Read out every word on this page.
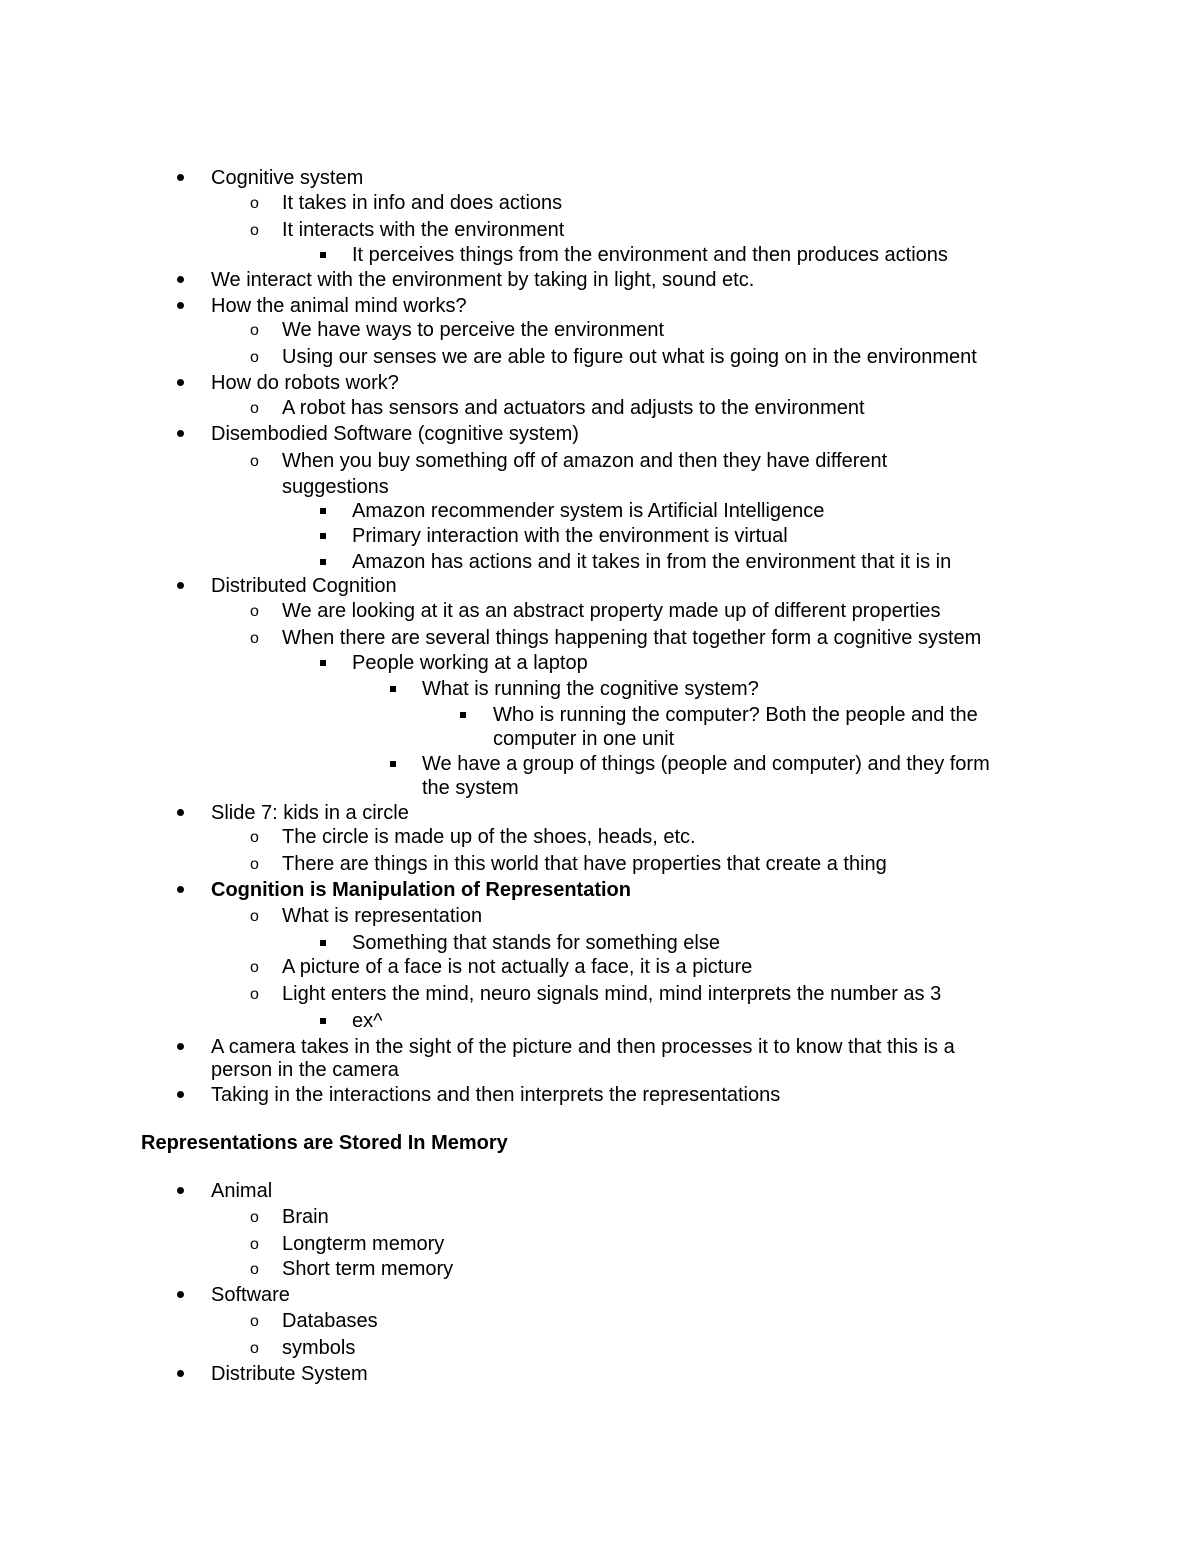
Cognitive system
o It takes in info and does actions
o It interacts with the environment
It perceives things from the environment and then produces actions
We interact with the environment by taking in light, sound etc.
How the animal mind works?
o We have ways to perceive the environment
o Using our senses we are able to figure out what is going on in the environment
How do robots work?
o A robot has sensors and actuators and adjusts to the environment
Disembodied Software (cognitive system)
o When you buy something off of amazon and then they have different
suggestions
Amazon recommender system is Artificial Intelligence
Primary interaction with the environment is virtual
Amazon has actions and it takes in from the environment that it is in
Distributed Cognition
o We are looking at it as an abstract property made up of different properties
o When there are several things happening that together form a cognitive system
People working at a laptop
What is running the cognitive system?
Who is running the computer? Both the people and the
computer in one unit
We have a group of things (people and computer) and they form
the system
Slide 7: kids in a circle
o The circle is made up of the shoes, heads, etc.
o There are things in this world that have properties that create a thing
Cognition is Manipulation of Representation
o What is representation
Something that stands for something else
o A picture of a face is not actually a face, it is a picture
o Light enters the mind, neuro signals mind, mind interprets the number as 3
ex^
A camera takes in the sight of the picture and then processes it to know that this is a
person in the camera
Taking in the interactions and then interprets the representations
Representations are Stored In Memory
Animal
o Brain
o Longterm memory
o Short term memory
Software
o Databases
o symbols
Distribute System
